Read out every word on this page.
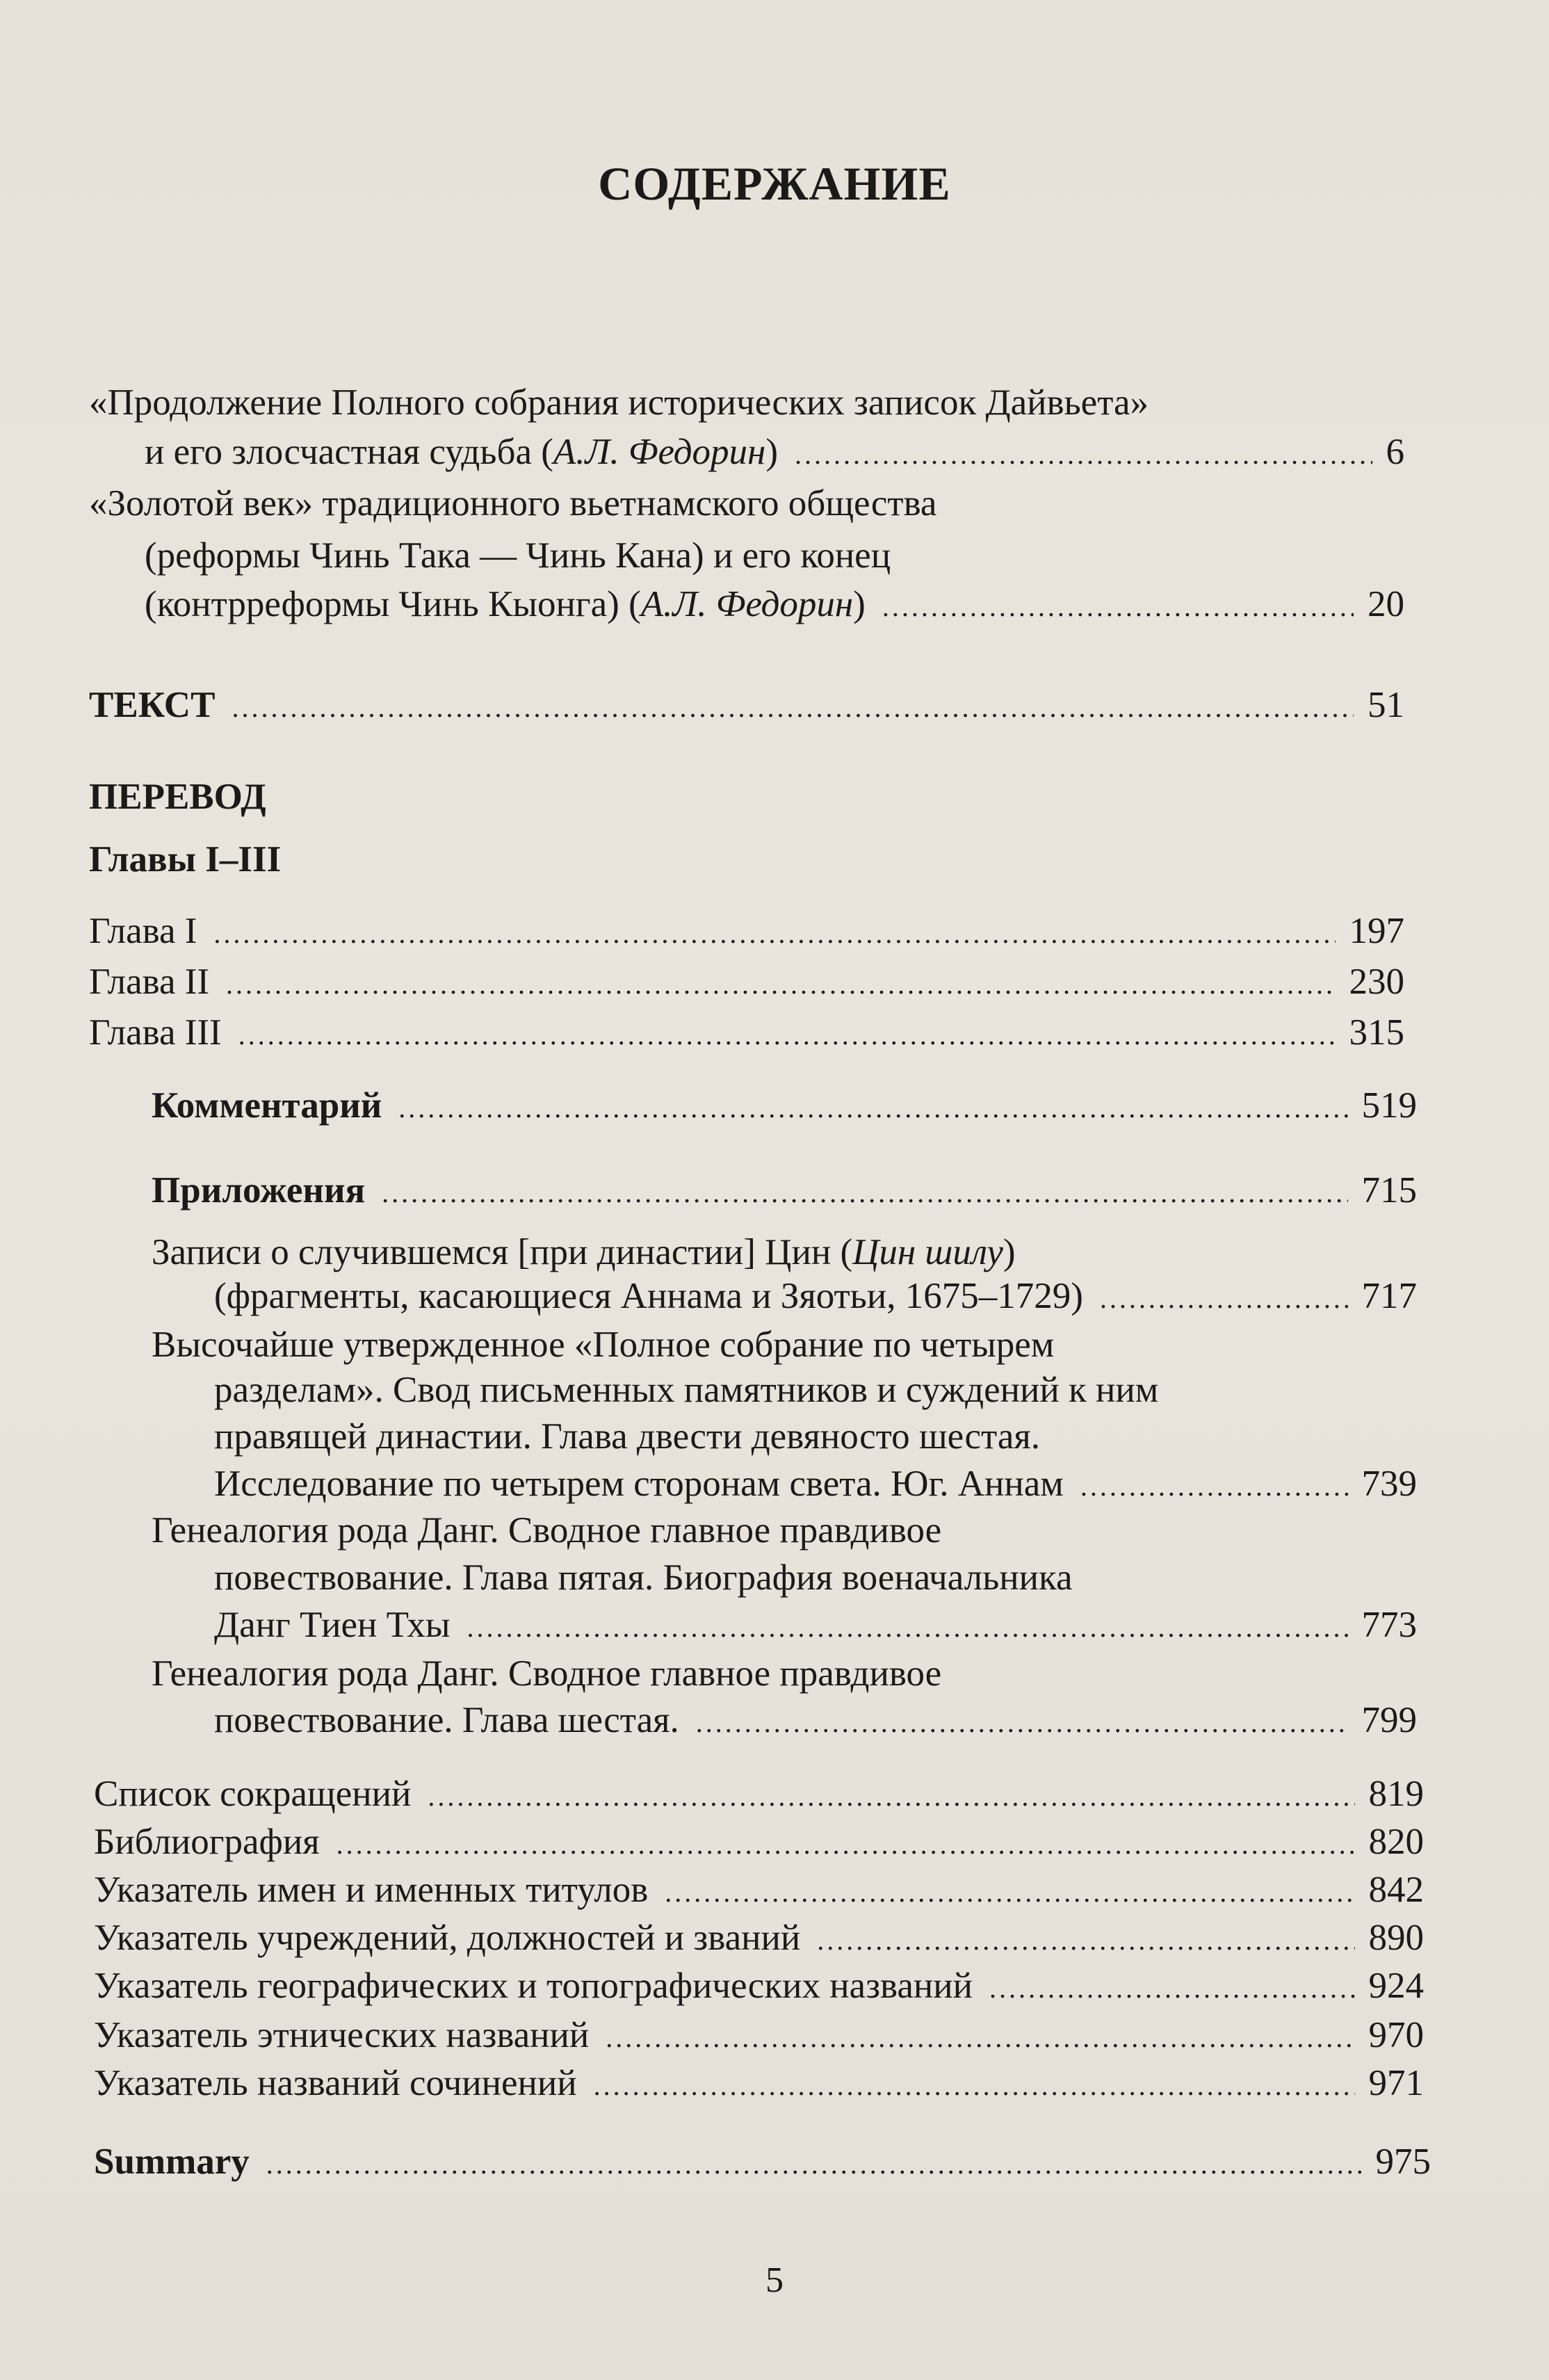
СОДЕРЖАНИЕ
«Продолжение Полного собрания исторических записок Дайвьета»
и его злосчастная судьба (А.Л. Федорин) .....	6
«Золотой век» традиционного вьетнамского общества
(реформы Чинь Така — Чинь Кана) и его конец
(контрреформы Чинь Кыонга) (А.Л. Федорин) .....	20
ТЕКСТ .....	51
ПЕРЕВОД
Главы I–III
Глава I .....	197
Глава II .....	230
Глава III .....	315
Комментарий .....	519
Приложения .....	715
Записи о случившемся [при династии] Цин (Цин шилу)
(фрагменты, касающиеся Аннама и Зяотьи, 1675–1729) .....	717
Высочайше утвержденное «Полное собрание по четырем
разделам». Свод письменных памятников и суждений к ним
правящей династии. Глава двести девяносто шестая.
Исследование по четырем сторонам света. Юг. Аннам .....	739
Генеалогия рода Данг. Сводное главное правдивое
повествование. Глава пятая. Биография военачальника
Данг Тиен Тхы .....	773
Генеалогия рода Данг. Сводное главное правдивое
повествование. Глава шестая. .....	799
Список сокращений .....	819
Библиография .....	820
Указатель имен и именных титулов .....	842
Указатель учреждений, должностей и званий .....	890
Указатель географических и топографических названий .....	924
Указатель этнических названий .....	970
Указатель названий сочинений .....	971
Summary .....	975
5
